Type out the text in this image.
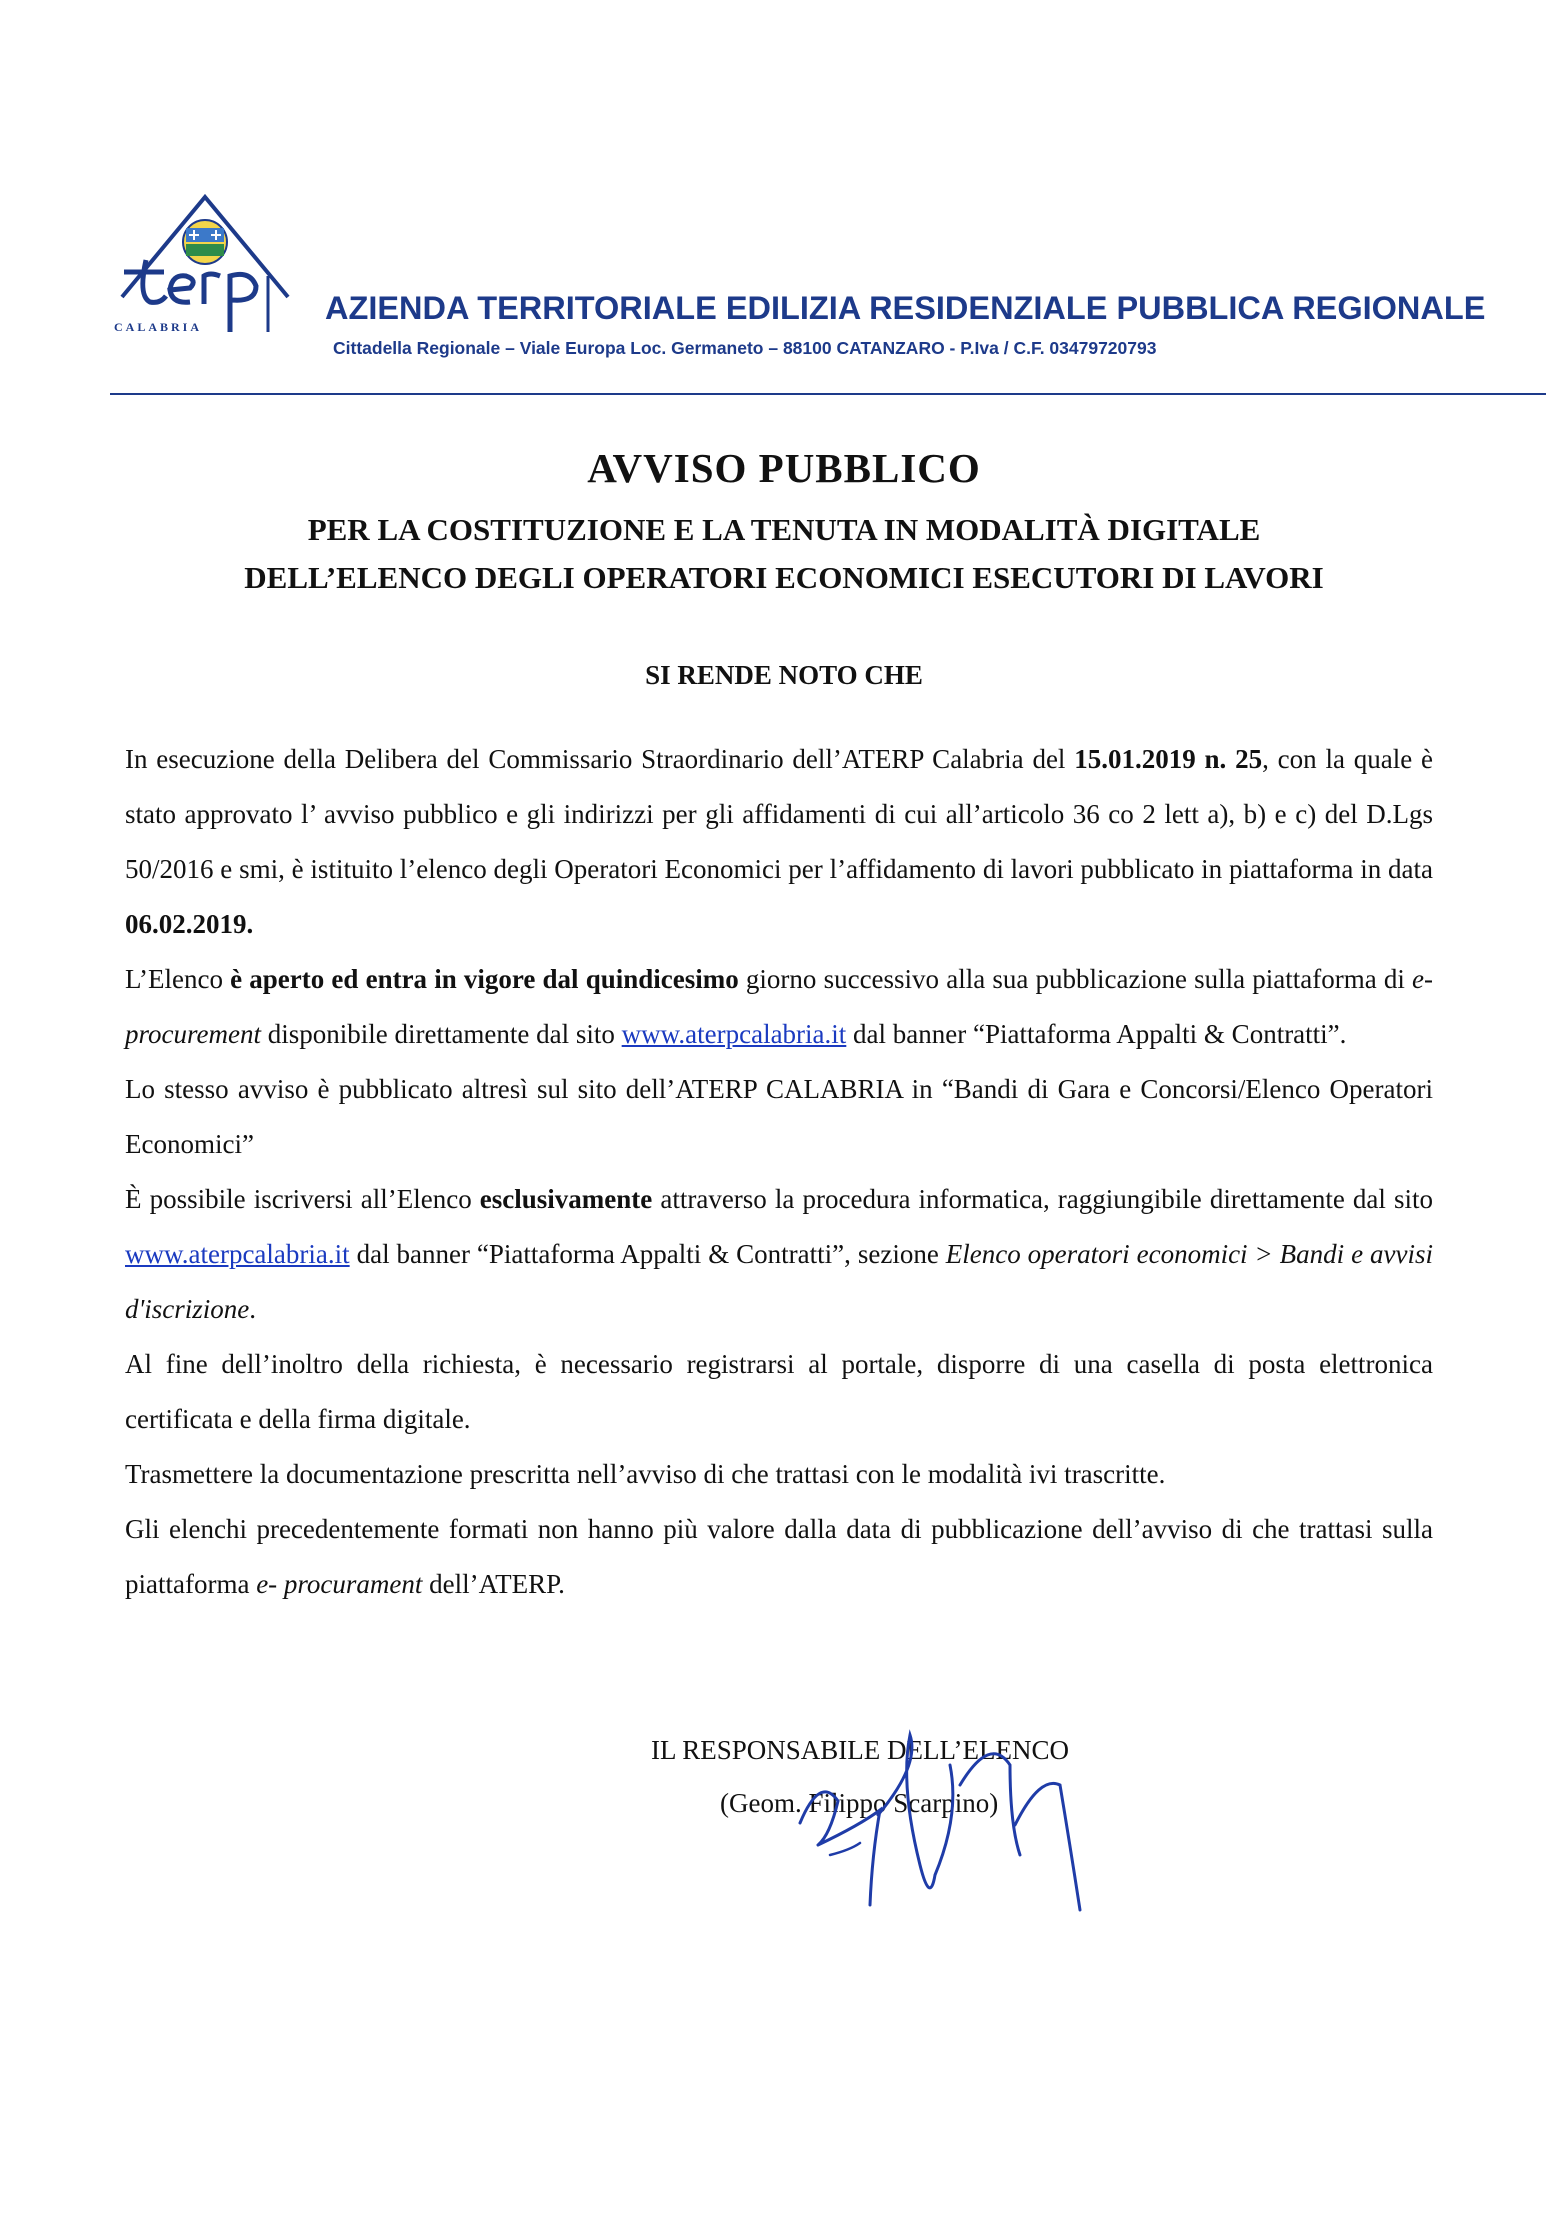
CALABRIA
AZIENDA TERRITORIALE EDILIZIA RESIDENZIALE PUBBLICA REGIONALE

Cittadella Regionale – Viale Europa Loc. Germaneto – 88100 CATANZARO - P.Iva / C.F. 03479720793

AVVISO PUBBLICO
PER LA COSTITUZIONE E LA TENUTA IN MODALITÀ DIGITALE
DELL’ELENCO DEGLI OPERATORI ECONOMICI ESECUTORI DI LAVORI

SI RENDE NOTO CHE

In esecuzione della Delibera del Commissario Straordinario dell’ATERP Calabria del 15.01.2019 n. 25, con la quale è stato approvato l’ avviso pubblico e gli indirizzi per gli affidamenti di cui all’articolo 36 co 2 lett a), b) e c) del D.Lgs 50/2016 e smi, è istituito l’elenco degli Operatori Economici per l’affidamento di lavori pubblicato in piattaforma in data 06.02.2019.

L’Elenco è aperto ed entra in vigore dal quindicesimo giorno successivo alla sua pubblicazione sulla piattaforma di e-procurement disponibile direttamente dal sito www.aterpcalabria.it dal banner “Piattaforma Appalti & Contratti”.

Lo stesso avviso è pubblicato altresì sul sito dell’ATERP CALABRIA in “Bandi di Gara e Concorsi/Elenco Operatori Economici”

È possibile iscriversi all’Elenco esclusivamente attraverso la procedura informatica, raggiungibile direttamente dal sito www.aterpcalabria.it dal banner “Piattaforma Appalti & Contratti”, sezione Elenco operatori economici > Bandi e avvisi d'iscrizione.

Al fine dell’inoltro della richiesta, è necessario registrarsi al portale, disporre di una casella di posta elettronica certificata e della firma digitale.

Trasmettere la documentazione prescritta nell’avviso di che trattasi con le modalità ivi trascritte.

Gli elenchi precedentemente formati non hanno più valore dalla data di pubblicazione dell’avviso di che trattasi sulla piattaforma e- procurament dell’ATERP.

IL RESPONSABILE DELL’ELENCO

(Geom. Filippo Scarpino)
